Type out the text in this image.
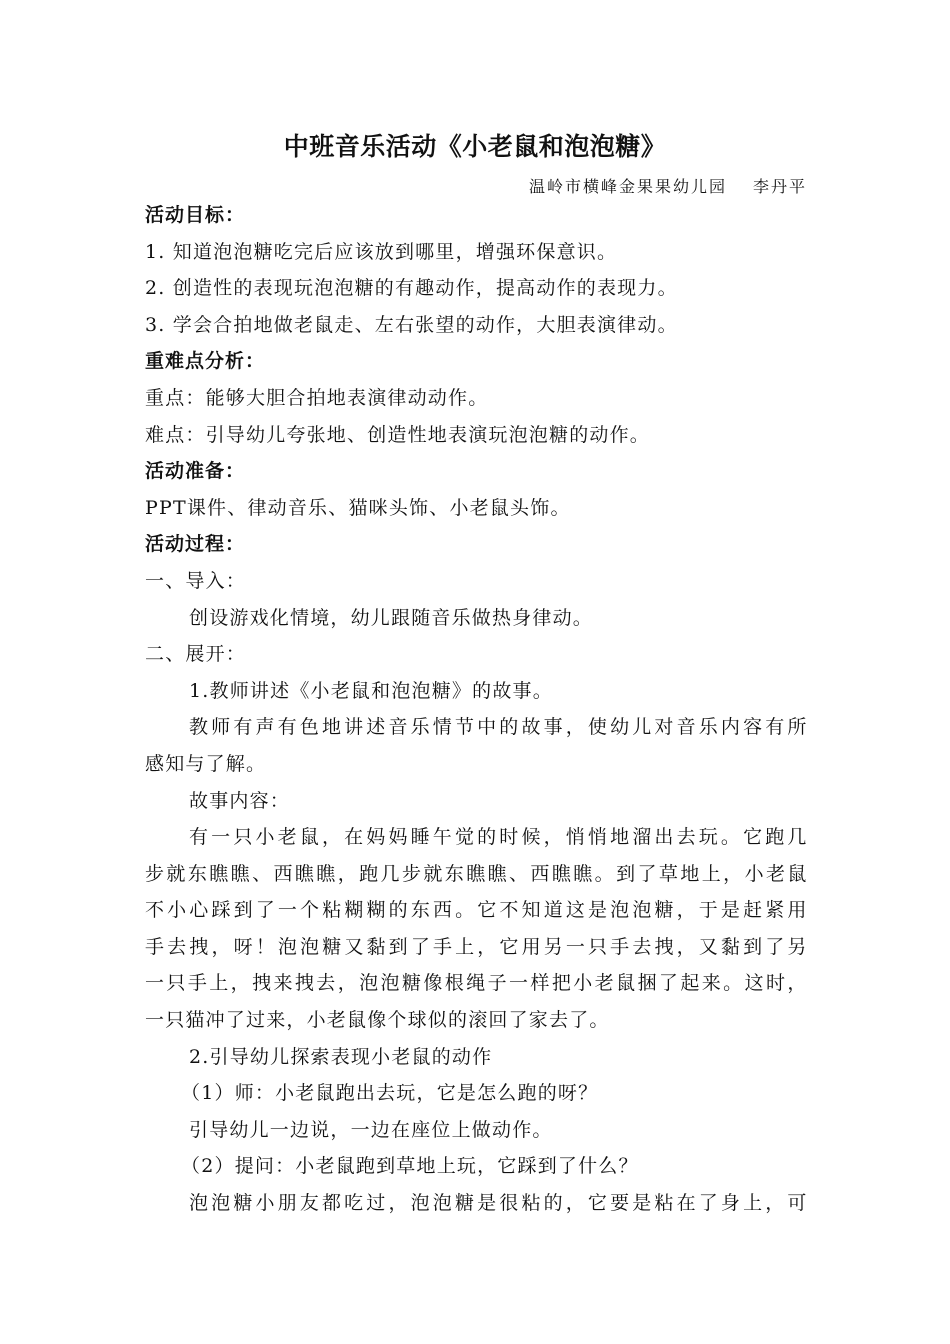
中班音乐活动《小老鼠和泡泡糖》
温岭市横峰金果果幼儿园 李丹平
活动目标：
1. 知道泡泡糖吃完后应该放到哪里，增强环保意识。
2. 创造性的表现玩泡泡糖的有趣动作，提高动作的表现力。
3. 学会合拍地做老鼠走、左右张望的动作，大胆表演律动。
重难点分析：
重点：能够大胆合拍地表演律动动作。
难点：引导幼儿夸张地、创造性地表演玩泡泡糖的动作。
活动准备：
PPT课件、律动音乐、猫咪头饰、小老鼠头饰。
活动过程：
一、导入：
创设游戏化情境，幼儿跟随音乐做热身律动。
二、展开：
1.教师讲述《小老鼠和泡泡糖》的故事。
教师有声有色地讲述音乐情节中的故事，使幼儿对音乐内容有所
感知与了解。
故事内容：
有一只小老鼠，在妈妈睡午觉的时候，悄悄地溜出去玩。它跑几
步就东瞧瞧、西瞧瞧，跑几步就东瞧瞧、西瞧瞧。到了草地上，小老鼠
不小心踩到了一个粘糊糊的东西。它不知道这是泡泡糖，于是赶紧用
手去拽，呀！泡泡糖又黏到了手上，它用另一只手去拽，又黏到了另
一只手上，拽来拽去，泡泡糖像根绳子一样把小老鼠捆了起来。这时，
一只猫冲了过来，小老鼠像个球似的滚回了家去了。
2.引导幼儿探索表现小老鼠的动作
（1）师：小老鼠跑出去玩，它是怎么跑的呀？
引导幼儿一边说，一边在座位上做动作。
（2）提问：小老鼠跑到草地上玩，它踩到了什么？
泡泡糖小朋友都吃过，泡泡糖是很粘的，它要是粘在了身上，可
